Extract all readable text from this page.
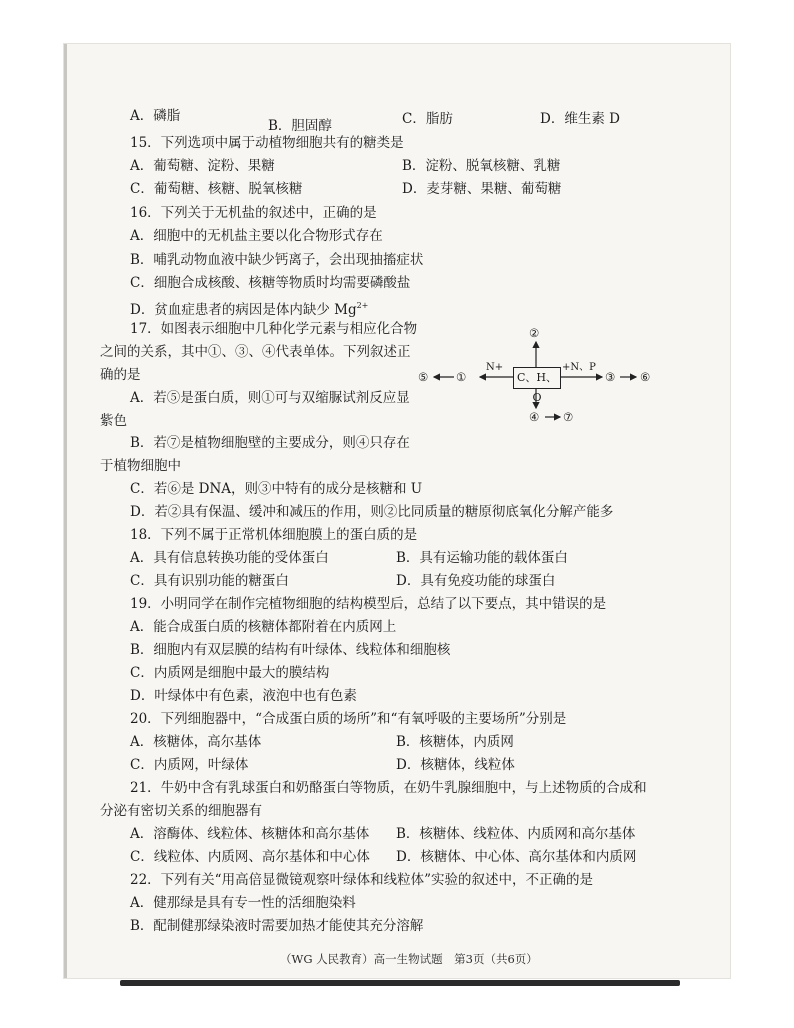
A．磷脂
B．胆固醇	C．脂肪	D．维生素 D
15．下列选项中属于动植物细胞共有的糖类是
A．葡萄糖、淀粉、果糖	B．淀粉、脱氧核糖、乳糖
C．葡萄糖、核糖、脱氧核糖	D．麦芽糖、果糖、葡萄糖
16．下列关于无机盐的叙述中，正确的是
A．细胞中的无机盐主要以化合物形式存在
B．哺乳动物血液中缺少钙离子，会出现抽搐症状
C．细胞合成核酸、核糖等物质时均需要磷酸盐
D．贫血症患者的病因是体内缺少 $Mg^{2+}$
17．如图表示细胞中几种化学元素与相应化合物
之间的关系，其中①、③、④代表单体。下列叙述正
确的是
A．若⑤是蛋白质，则①可与双缩脲试剂反应显
紫色
B．若⑦是植物细胞壁的主要成分，则④只存在
于植物细胞中
C．若⑥是 DNA，则③中特有的成分是核糖和 U
D．若②具有保温、缓冲和减压的作用，则②比同质量的糖原彻底氧化分解产能多
C、H、O
②
⑤ ①
N+	+N、P
③ ⑥
④ ⑦
18．下列不属于正常机体细胞膜上的蛋白质的是
A．具有信息转换功能的受体蛋白	B．具有运输功能的载体蛋白
C．具有识别功能的糖蛋白	D．具有免疫功能的球蛋白
19．小明同学在制作完植物细胞的结构模型后，总结了以下要点，其中错误的是
A．能合成蛋白质的核糖体都附着在内质网上
B．细胞内有双层膜的结构有叶绿体、线粒体和细胞核
C．内质网是细胞中最大的膜结构
D．叶绿体中有色素，液泡中也有色素
20．下列细胞器中，“合成蛋白质的场所”和“有氧呼吸的主要场所”分别是
A．核糖体，高尔基体	B．核糖体，内质网
C．内质网，叶绿体	D．核糖体，线粒体
21．牛奶中含有乳球蛋白和奶酪蛋白等物质，在奶牛乳腺细胞中，与上述物质的合成和
分泌有密切关系的细胞器有
A．溶酶体、线粒体、核糖体和高尔基体 B．核糖体、线粒体、内质网和高尔基体
C．线粒体、内质网、高尔基体和中心体 D．核糖体、中心体、高尔基体和内质网
22．下列有关“用高倍显微镜观察叶绿体和线粒体”实验的叙述中，不正确的是
A．健那绿是具有专一性的活细胞染料
B．配制健那绿染液时需要加热才能使其充分溶解
（WG 人民教育）高一生物试题　第3页（共6页）
